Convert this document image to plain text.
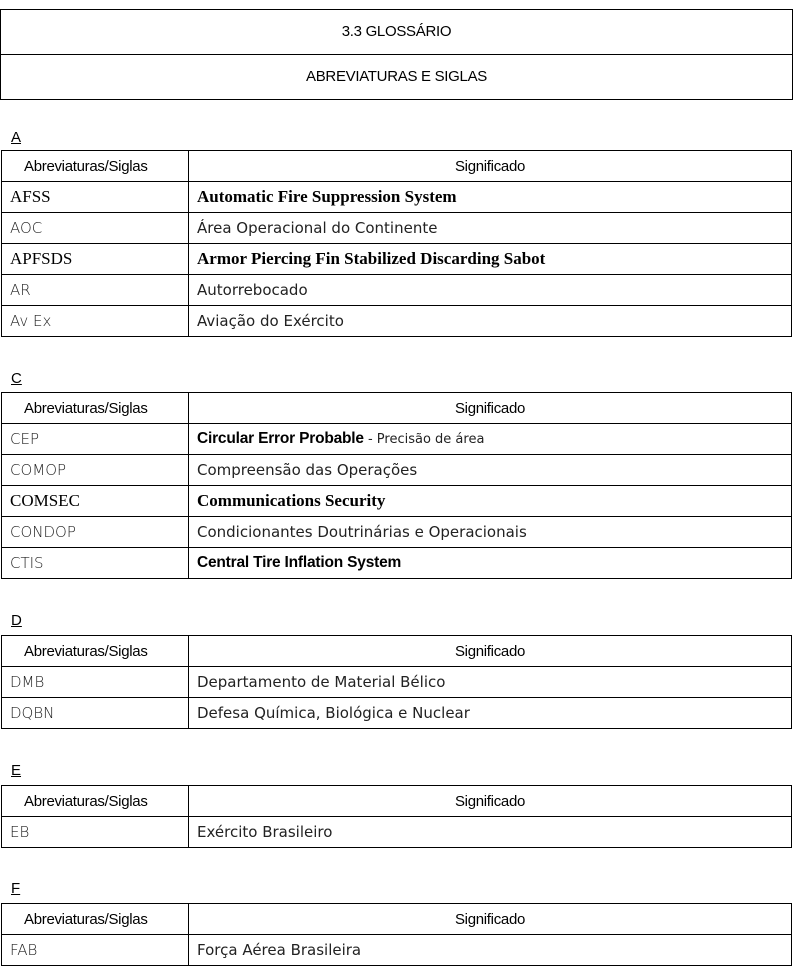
3.3 GLOSSÁRIO
ABREVIATURAS E SIGLAS
A
Abreviaturas/Siglas	Significado
AFSS	Automatic Fire Suppression System
AOC	Área Operacional do Continente
APFSDS	Armor Piercing Fin Stabilized Discarding Sabot
AR	Autorrebocado
Av Ex	Aviação do Exército
C
Abreviaturas/Siglas	Significado
CEP	Circular Error Probable - Precisão de área
COMOP	Compreensão das Operações
COMSEC	Communications Security
CONDOP	Condicionantes Doutrinárias e Operacionais
CTIS	Central Tire Inflation System
D
Abreviaturas/Siglas	Significado
DMB	Departamento de Material Bélico
DQBN	Defesa Química, Biológica e Nuclear
E
Abreviaturas/Siglas	Significado
EB	Exército Brasileiro
F
Abreviaturas/Siglas	Significado
FAB	Força Aérea Brasileira
